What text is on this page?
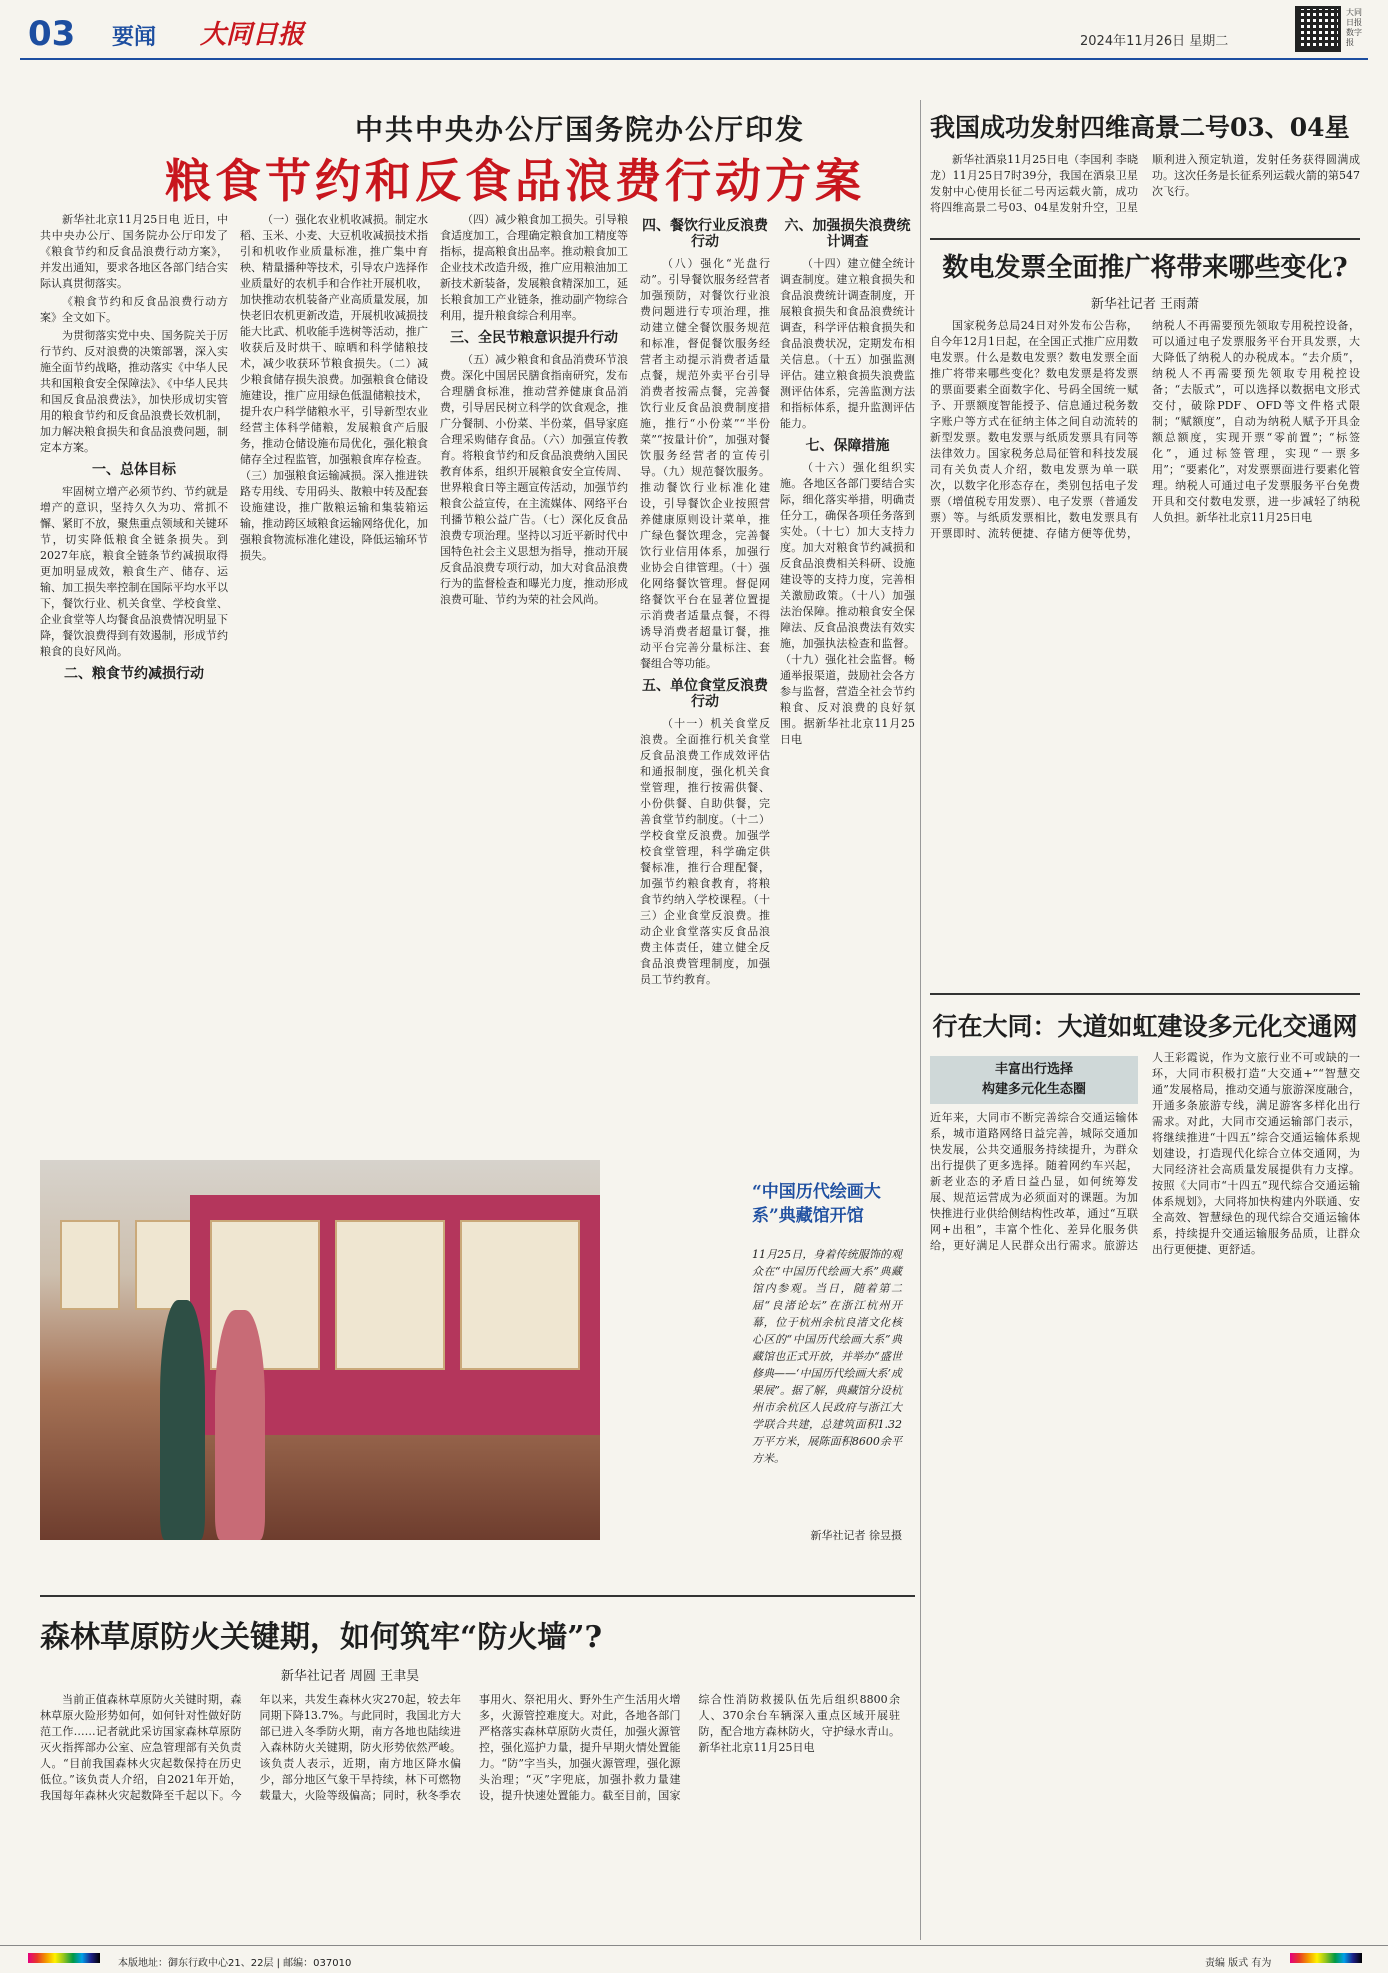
03 要闻 大同日报	2024年11月26日 星期二
大同日报数字报
中共中央办公厅国务院办公厅印发
粮食节约和反食品浪费行动方案

新华社北京11月25日电 近日，中共中央办公厅、国务院办公厅印发了《粮食节约和反食品浪费行动方案》，并发出通知，要求各地区各部门结合实际认真贯彻落实。

《粮食节约和反食品浪费行动方案》全文如下。

为贯彻落实党中央、国务院关于厉行节约、反对浪费的决策部署，深入实施全面节约战略，推动落实《中华人民共和国粮食安全保障法》、《中华人民共和国反食品浪费法》，加快形成切实管用的粮食节约和反食品浪费长效机制，加力解决粮食损失和食品浪费问题，制定本方案。

一、总体目标

牢固树立增产必须节约、节约就是增产的意识，坚持久久为功、常抓不懈、紧盯不放，聚焦重点领域和关键环节，切实降低粮食全链条损失。到2027年底，粮食全链条节约减损取得更加明显成效，粮食生产、储存、运输、加工损失率控制在国际平均水平以下，餐饮行业、机关食堂、学校食堂、企业食堂等人均餐食品浪费情况明显下降，餐饮浪费得到有效遏制，形成节约粮食的良好风尚。

二、粮食节约减损行动

（一）强化农业机收减损。制定水稻、玉米、小麦、大豆机收减损技术指引和机收作业质量标准，推广集中育秧、精量播种等技术，引导农户选择作业质量好的农机手和合作社开展机收，加快推动农机装备产业高质量发展，加快老旧农机更新改造，开展机收减损技能大比武、机收能手选树等活动，推广收获后及时烘干、晾晒和科学储粮技术，减少收获环节粮食损失。（二）减少粮食储存损失浪费。加强粮食仓储设施建设，推广应用绿色低温储粮技术，提升农户科学储粮水平，引导新型农业经营主体科学储粮，发展粮食产后服务，推动仓储设施布局优化，强化粮食储存全过程监管，加强粮食库存检查。（三）加强粮食运输减损。深入推进铁路专用线、专用码头、散粮中转及配套设施建设，推广散粮运输和集装箱运输，推动跨区域粮食运输网络优化，加强粮食物流标准化建设，降低运输环节损失。

（四）减少粮食加工损失。引导粮食适度加工，合理确定粮食加工精度等指标，提高粮食出品率。推动粮食加工企业技术改造升级，推广应用粮油加工新技术新装备，发展粮食精深加工，延长粮食加工产业链条，推动副产物综合利用，提升粮食综合利用率。

三、全民节粮意识提升行动

（五）减少粮食和食品消费环节浪费。深化中国居民膳食指南研究，发布合理膳食标准，推动营养健康食品消费，引导居民树立科学的饮食观念，推广分餐制、小份菜、半份菜，倡导家庭合理采购储存食品。（六）加强宣传教育。将粮食节约和反食品浪费纳入国民教育体系，组织开展粮食安全宣传周、世界粮食日等主题宣传活动，加强节约粮食公益宣传，在主流媒体、网络平台刊播节粮公益广告。（七）深化反食品浪费专项治理。坚持以习近平新时代中国特色社会主义思想为指导，推动开展反食品浪费专项行动，加大对食品浪费行为的监督检查和曝光力度，推动形成浪费可耻、节约为荣的社会风尚。

四、餐饮行业反浪费行动

（八）强化“光盘行动”。引导餐饮服务经营者加强预防，对餐饮行业浪费问题进行专项治理，推动建立健全餐饮服务规范和标准，督促餐饮服务经营者主动提示消费者适量点餐，规范外卖平台引导消费者按需点餐，完善餐饮行业反食品浪费制度措施，推行“小份菜”“半份菜”“按量计价”，加强对餐饮服务经营者的宣传引导。（九）规范餐饮服务。推动餐饮行业标准化建设，引导餐饮企业按照营养健康原则设计菜单，推广绿色餐饮理念，完善餐饮行业信用体系，加强行业协会自律管理。（十）强化网络餐饮管理。督促网络餐饮平台在显著位置提示消费者适量点餐，不得诱导消费者超量订餐，推动平台完善分量标注、套餐组合等功能。

五、单位食堂反浪费行动

（十一）机关食堂反浪费。全面推行机关食堂反食品浪费工作成效评估和通报制度，强化机关食堂管理，推行按需供餐、小份供餐、自助供餐，完善食堂节约制度。（十二）学校食堂反浪费。加强学校食堂管理，科学确定供餐标准，推行合理配餐，加强节约粮食教育，将粮食节约纳入学校课程。（十三）企业食堂反浪费。推动企业食堂落实反食品浪费主体责任，建立健全反食品浪费管理制度，加强员工节约教育。

六、加强损失浪费统计调查

（十四）建立健全统计调查制度。建立粮食损失和食品浪费统计调查制度，开展粮食损失和食品浪费统计调查，科学评估粮食损失和食品浪费状况，定期发布相关信息。（十五）加强监测评估。建立粮食损失浪费监测评估体系，完善监测方法和指标体系，提升监测评估能力。

七、保障措施

（十六）强化组织实施。各地区各部门要结合实际，细化落实举措，明确责任分工，确保各项任务落到实处。（十七）加大支持力度。加大对粮食节约减损和反食品浪费相关科研、设施建设等的支持力度，完善相关激励政策。（十八）加强法治保障。推动粮食安全保障法、反食品浪费法有效实施，加强执法检查和监督。（十九）强化社会监督。畅通举报渠道，鼓励社会各方参与监督，营造全社会节约粮食、反对浪费的良好氛围。据新华社北京11月25日电

我国成功发射四维高景二号03、04星
新华社酒泉11月25日电（李国利 李晓龙）11月25日7时39分，我国在酒泉卫星发射中心使用长征二号丙运载火箭，成功将四维高景二号03、04星发射升空，卫星顺利进入预定轨道，发射任务获得圆满成功。这次任务是长征系列运载火箭的第547次飞行。
数电发票全面推广将带来哪些变化?
新华社记者 王雨萧
国家税务总局24日对外发布公告称，自今年12月1日起，在全国正式推广应用数电发票。什么是数电发票？数电发票全面推广将带来哪些变化？数电发票是将发票的票面要素全面数字化、号码全国统一赋予、开票额度智能授予、信息通过税务数字账户等方式在征纳主体之间自动流转的新型发票。数电发票与纸质发票具有同等法律效力。国家税务总局征管和科技发展司有关负责人介绍，数电发票为单一联次，以数字化形态存在，类别包括电子发票（增值税专用发票）、电子发票（普通发票）等。与纸质发票相比，数电发票具有开票即时、流转便捷、存储方便等优势，纳税人不再需要预先领取专用税控设备，可以通过电子发票服务平台开具发票，大大降低了纳税人的办税成本。“去介质”，纳税人不再需要预先领取专用税控设备；“去版式”，可以选择以数据电文形式交付，破除PDF、OFD等文件格式限制；“赋额度”，自动为纳税人赋予开具金额总额度，实现开票“零前置”；“标签化”，通过标签管理，实现“一票多用”；“要素化”，对发票票面进行要素化管理。纳税人可通过电子发票服务平台免费开具和交付数电发票，进一步减轻了纳税人负担。新华社北京11月25日电
行在大同：大道如虹建设多元化交通网
丰富出行选择
构建多元化生态圈
近年来，大同市不断完善综合交通运输体系，城市道路网络日益完善，城际交通加快发展，公共交通服务持续提升，为群众出行提供了更多选择。随着网约车兴起，新老业态的矛盾日益凸显，如何统筹发展、规范运营成为必须面对的课题。为加快推进行业供给侧结构性改革，通过“互联网+出租”，丰富个性化、差异化服务供给，更好满足人民群众出行需求。旅游达人王彩霞说，作为文旅行业不可或缺的一环，大同市积极打造“大交通+”“智慧交通”发展格局，推动交通与旅游深度融合，开通多条旅游专线，满足游客多样化出行需求。对此，大同市交通运输部门表示，将继续推进“十四五”综合交通运输体系规划建设，打造现代化综合立体交通网，为大同经济社会高质量发展提供有力支撑。按照《大同市“十四五”现代综合交通运输体系规划》，大同将加快构建内外联通、安全高效、智慧绿色的现代综合交通运输体系，持续提升交通运输服务品质，让群众出行更便捷、更舒适。
“中国历代绘画大系”典藏馆开馆
11月25日，身着传统服饰的观众在“中国历代绘画大系”典藏馆内参观。当日，随着第二届“良渚论坛”在浙江杭州开幕，位于杭州余杭良渚文化核心区的“中国历代绘画大系”典藏馆也正式开放，并举办“盛世修典——‘中国历代绘画大系’成果展”。据了解，典藏馆分设杭州市余杭区人民政府与浙江大学联合共建，总建筑面积1.32万平方米，展陈面积8600余平方米。
新华社记者 徐昱摄
森林草原防火关键期，如何筑牢“防火墙”?
新华社记者 周圆 王聿昊
当前正值森林草原防火关键时期，森林草原火险形势如何，如何针对性做好防范工作……记者就此采访国家森林草原防灭火指挥部办公室、应急管理部有关负责人。“目前我国森林火灾起数保持在历史低位。”该负责人介绍，自2021年开始，我国每年森林火灾起数降至千起以下。今年以来，共发生森林火灾270起，较去年同期下降13.7%。与此同时，我国北方大部已进入冬季防火期，南方各地也陆续进入森林防火关键期，防火形势依然严峻。该负责人表示，近期，南方地区降水偏少，部分地区气象干旱持续，林下可燃物载量大，火险等级偏高；同时，秋冬季农事用火、祭祀用火、野外生产生活用火增多，火源管控难度大。对此，各地各部门严格落实森林草原防火责任，加强火源管控，强化巡护力量，提升早期火情处置能力。“防”字当头，加强火源管理，强化源头治理；“灭”字兜底，加强扑救力量建设，提升快速处置能力。截至目前，国家综合性消防救援队伍先后组织8800余人、370余台车辆深入重点区域开展驻防，配合地方森林防火，守护绿水青山。新华社北京11月25日电
本版地址：御东行政中心21、22层 | 邮编：037010	责编 版式 有为
